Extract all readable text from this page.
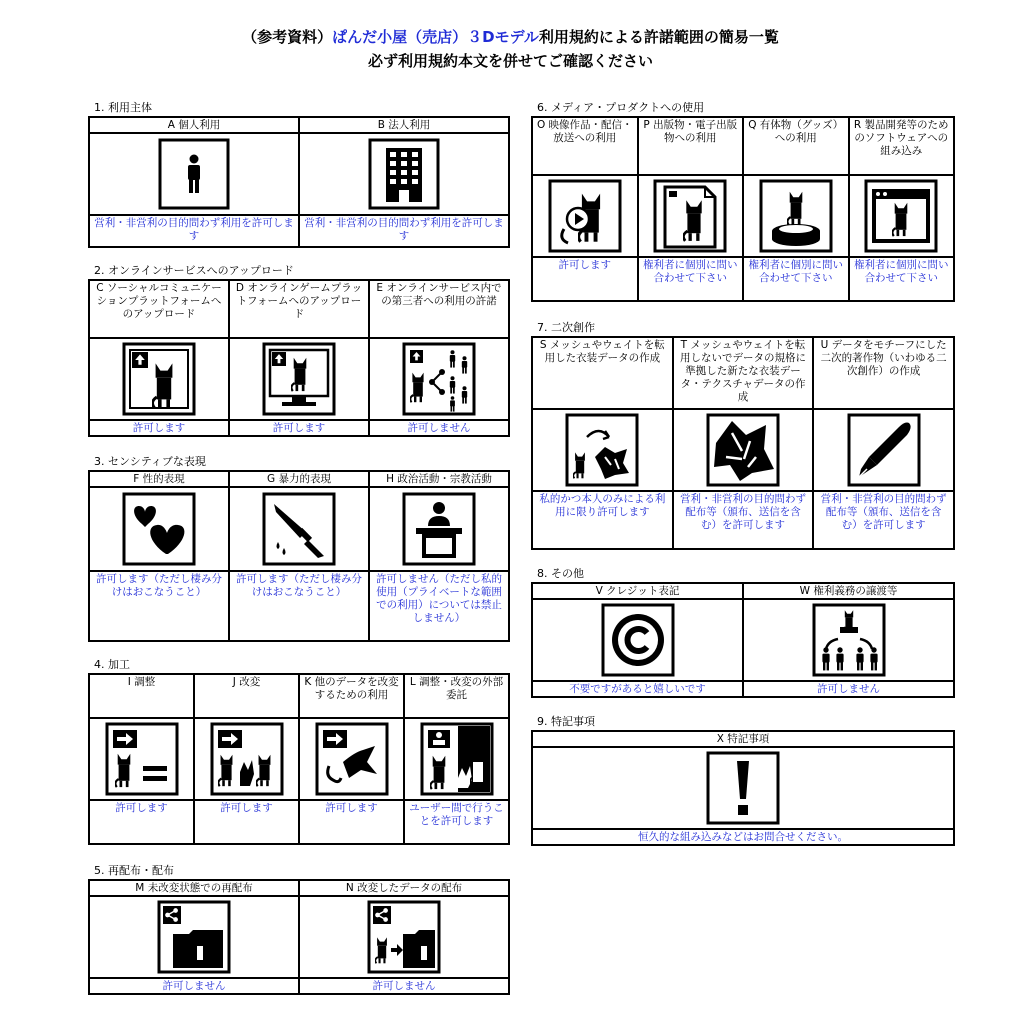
（参考資料）ぱんだ小屋（売店）３Dモデル利用規約による許諾範囲の簡易一覧
必ず利用規約本文を併せてご確認ください
1. 利用主体
A 個人利用	B 法人利用

営利・非営利の目的問わず利用を許可します	営利・非営利の目的問わず利用を許可します
2. オンラインサービスへのアップロード
C ソーシャルコミュニケーションプラットフォームへのアップロード	D オンラインゲームプラットフォームへのアップロード	E オンラインサービス内での第三者への利用の許諾

許可します	許可します	許可しません
3. センシティブな表現
F 性的表現	G 暴力的表現	H 政治活動・宗教活動

許可します（ただし棲み分けはおこなうこと）	許可します（ただし棲み分けはおこなうこと）	許可しません（ただし私的使用（プライベートな範囲での利用）については禁止しません）
4. 加工
I 調整	J 改変	K 他のデータを改変するための利用	L 調整・改変の外部委託

許可します	許可します	許可します	ユーザー間で行うことを許可します
5. 再配布・配布
M 未改変状態での再配布	N 改変したデータの配布

許可しません	許可しません
6. メディア・プロダクトへの使用
O 映像作品・配信・放送への利用	P 出版物・電子出版物への利用	Q 有体物（グッズ）への利用	R 製品開発等のためのソフトウェアへの組み込み

許可します	権利者に個別に問い合わせて下さい	権利者に個別に問い合わせて下さい	権利者に個別に問い合わせて下さい
7. 二次創作
S メッシュやウェイトを転用した衣装データの作成	T メッシュやウェイトを転用しないでデータの規格に準拠した新たな衣装データ・テクスチャデータの作成	U データをモチーフにした二次的著作物（いわゆる二次創作）の作成

私的かつ本人のみによる利用に限り許可します	営利・非営利の目的問わず配布等（頒布、送信を含む）を許可します	営利・非営利の目的問わず配布等（頒布、送信を含む）を許可します
8. その他
V クレジット表記	W 権利義務の譲渡等

不要ですがあると嬉しいです	許可しません
9. 特記事項
X 特記事項

恒久的な組み込みなどはお問合せください。
